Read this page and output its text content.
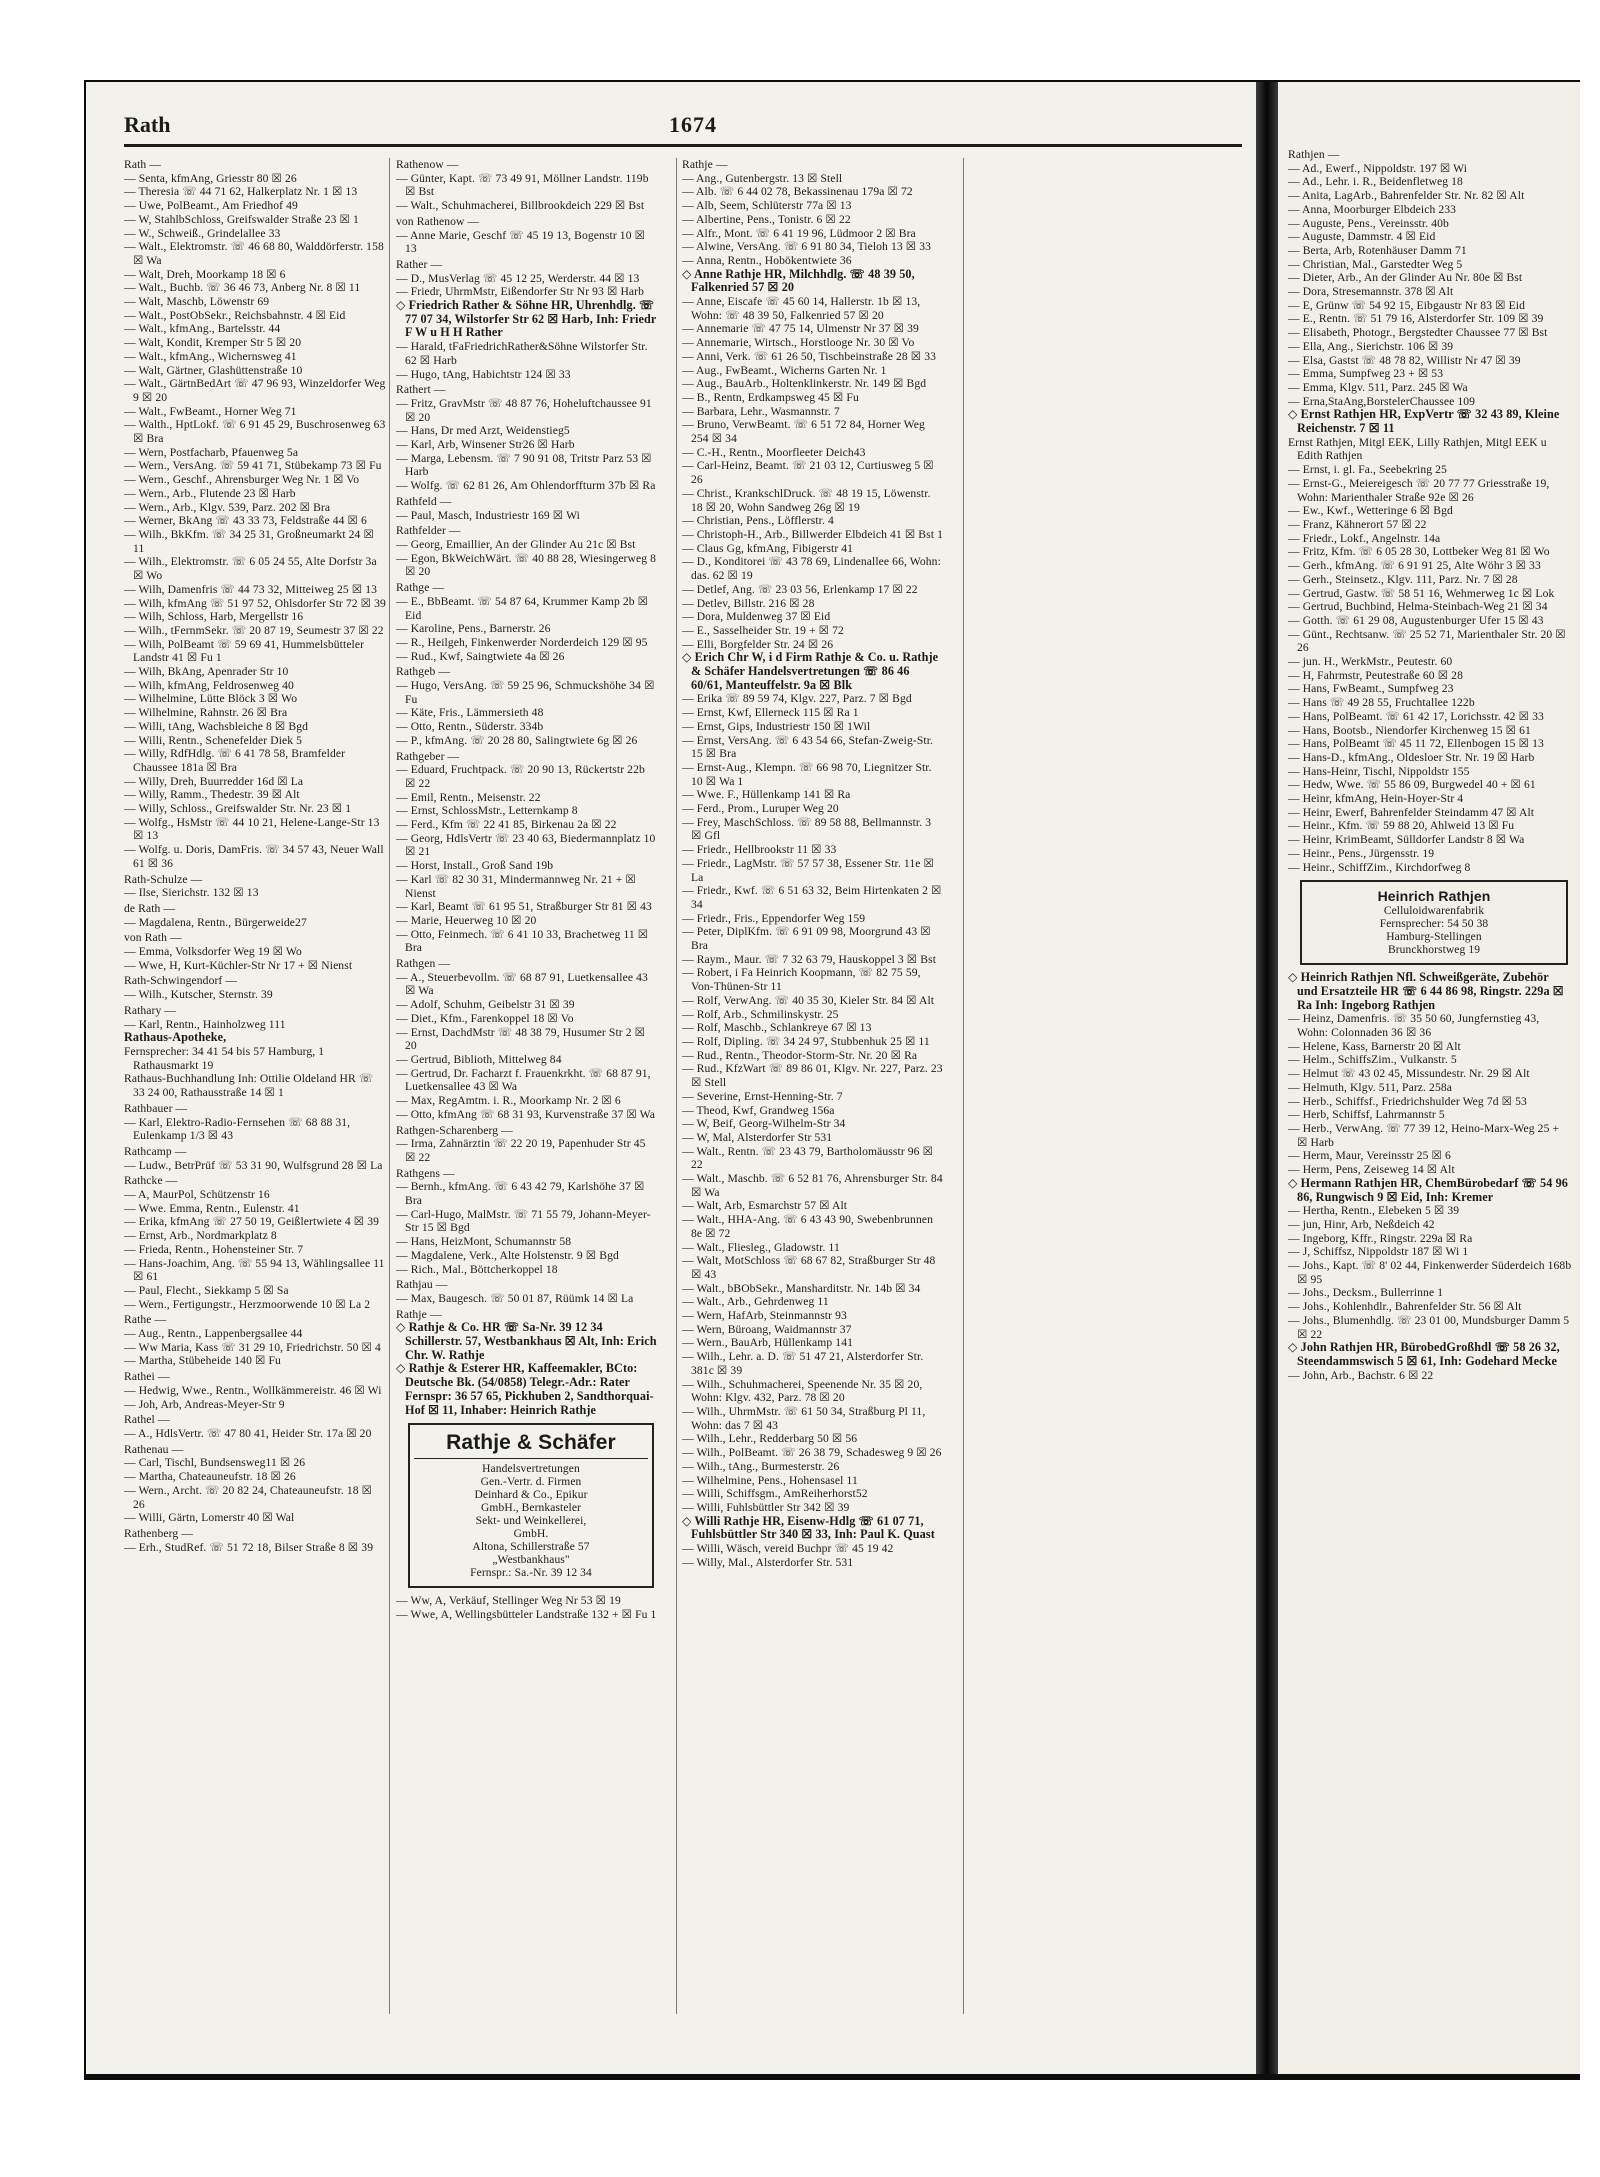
Rath	1674
Rath —
— Senta, kfmAng, Griesstr 80 ☒ 26
— Theresia ☏ 44 71 62, Halkerplatz Nr. 1 ☒ 13
— Uwe, PolBeamt., Am Friedhof 49
— W, StahlbSchloss, Greifswalder Straße 23 ☒ 1
— W., Schweiß., Grindelallee 33
— Walt., Elektromstr. ☏ 46 68 80, Walddörferstr. 158 ☒ Wa
— Walt, Dreh, Moorkamp 18 ☒ 6
— Walt., Buchb. ☏ 36 46 73, Anberg Nr. 8 ☒ 11
— Walt, Maschb, Löwenstr 69
— Walt., PostObSekr., Reichsbahnstr. 4 ☒ Eid
— Walt., kfmAng., Bartelsstr. 44
— Walt, Kondit, Kremper Str 5 ☒ 20
— Walt., kfmAng., Wichernsweg 41
— Walt, Gärtner, Glashüttenstraße 10
— Walt., GärtnBedArt ☏ 47 96 93, Winzeldorfer Weg 9 ☒ 20
— Walt., FwBeamt., Horner Weg 71
— Walth., HptLokf. ☏ 6 91 45 29, Buschrosenweg 63 ☒ Bra
— Wern, Postfacharb, Pfauenweg 5a
— Wern., VersAng. ☏ 59 41 71, Stübekamp 73 ☒ Fu
— Wern., Geschf., Ahrensburger Weg Nr. 1 ☒ Vo
— Wern., Arb., Flutende 23 ☒ Harb
— Wern., Arb., Klgv. 539, Parz. 202 ☒ Bra
— Werner, BkAng ☏ 43 33 73, Feldstraße 44 ☒ 6
— Wilh., BkKfm. ☏ 34 25 31, Großneumarkt 24 ☒ 11
— Wilh., Elektromstr. ☏ 6 05 24 55, Alte Dorfstr 3a ☒ Wo
— Wilh, Damenfris ☏ 44 73 32, Mitteiweg 25 ☒ 13
— Wilh, kfmAng ☏ 51 97 52, Ohlsdorfer Str 72 ☒ 39
— Wilh, Schloss, Harb, Mergellstr 16
— Wilh., tFernmSekr. ☏ 20 87 19, Seumestr 37 ☒ 22
— Wilh, PolBeamt ☏ 59 69 41, Hummelsbütteler Landstr 41 ☒ Fu 1
— Wilh, BkAng, Apenrader Str 10
— Wilh, kfmAng, Feldrosenweg 40
— Wilhelmine, Lütte Blöck 3 ☒ Wo
— Wilhelmine, Rahnstr. 26 ☒ Bra
— Willi, tAng, Wachsbleiche 8 ☒ Bgd
— Willi, Rentn., Schenefelder Diek 5
— Willy, RdfHdlg. ☏ 6 41 78 58, Bramfelder Chaussee 181a ☒ Bra
— Willy, Dreh, Buurredder 16d ☒ La
— Willy, Ramm., Thedestr. 39 ☒ Alt
— Willy, Schloss., Greifswalder Str. Nr. 23 ☒ 1
— Wolfg., HsMstr ☏ 44 10 21, Helene-Lange-Str 13 ☒ 13
— Wolfg. u. Doris, DamFris. ☏ 34 57 43, Neuer Wall 61 ☒ 36
Rath-Schulze —
— Ilse, Sierichstr. 132 ☒ 13
de Rath —
— Magdalena, Rentn., Bürgerweide27
von Rath —
— Emma, Volksdorfer Weg 19 ☒ Wo
— Wwe, H, Kurt-Küchler-Str Nr 17 + ☒ Nienst
Rath-Schwingendorf —
— Wilh., Kutscher, Sternstr. 39
Rathary —
— Karl, Rentn., Hainholzweg 111
Rathaus-Apotheke,
Fernsprecher: 34 41 54 bis 57 Hamburg, 1 Rathausmarkt 19
Rathaus-Buchhandlung Inh: Ottilie Oldeland HR ☏ 33 24 00, Rathausstraße 14 ☒ 1
Rathbauer —
— Karl, Elektro-Radio-Fernsehen ☏ 68 88 31, Eulenkamp 1/3 ☒ 43
Rathcamp —
— Ludw., BetrPrüf ☏ 53 31 90, Wulfsgrund 28 ☒ La
Rathcke —
— A, MaurPol, Schützenstr 16
— Wwe. Emma, Rentn., Eulenstr. 41
— Erika, kfmAng ☏ 27 50 19, Geißlertwiete 4 ☒ 39
— Ernst, Arb., Nordmarkplatz 8
— Frieda, Rentn., Hohensteiner Str. 7
— Hans-Joachim, Ang. ☏ 55 94 13, Wählingsallee 11 ☒ 61
— Paul, Flecht., Siekkamp 5 ☒ Sa
— Wern., Fertigungstr., Herzmoorwende 10 ☒ La 2
Rathe —
— Aug., Rentn., Lappenbergsallee 44
— Ww Maria, Kass ☏ 31 29 10, Friedrichstr. 50 ☒ 4
— Martha, Stübeheide 140 ☒ Fu
Rathei —
— Hedwig, Wwe., Rentn., Wollkämmereistr. 46 ☒ Wi
— Joh, Arb, Andreas-Meyer-Str 9
Rathel —
— A., HdlsVertr. ☏ 47 80 41, Heider Str. 17a ☒ 20
Rathenau —
— Carl, Tischl, Bundsensweg11 ☒ 26
— Martha, Chateauneufstr. 18 ☒ 26
— Wern., Archt. ☏ 20 82 24, Chateauneufstr. 18 ☒ 26
— Willi, Gärtn, Lomerstr 40 ☒ Wal
Rathenberg —
— Erh., StudRef. ☏ 51 72 18, Bilser Straße 8 ☒ 39
Rathenow —
— Günter, Kapt. ☏ 73 49 91, Möllner Landstr. 119b ☒ Bst
— Walt., Schuhmacherei, Billbrookdeich 229 ☒ Bst
von Rathenow —
— Anne Marie, Geschf ☏ 45 19 13, Bogenstr 10 ☒ 13
Rather —
— D., MusVerlag ☏ 45 12 25, Werderstr. 44 ☒ 13
— Friedr, UhrmMstr, Eißendorfer Str Nr 93 ☒ Harb
◇ Friedrich Rather & Söhne HR, Uhrenhdlg. ☏ 77 07 34, Wilstorfer Str 62 ☒ Harb, Inh: Friedr F W u H H Rather
— Harald, tFaFriedrichRather&Söhne Wilstorfer Str. 62 ☒ Harb
— Hugo, tAng, Habichtstr 124 ☒ 33
Rathert —
— Fritz, GravMstr ☏ 48 87 76, Hoheluftchaussee 91 ☒ 20
— Hans, Dr med Arzt, Weidenstieg5
— Karl, Arb, Winsener Str26 ☒ Harb
— Marga, Lebensm. ☏ 7 90 91 08, Tritstr Parz 53 ☒ Harb
— Wolfg. ☏ 62 81 26, Am Ohlendorffturm 37b ☒ Ra
Rathfeld —
— Paul, Masch, Industriestr 169 ☒ Wi
Rathfelder —
— Georg, Emaillier, An der Glinder Au 21c ☒ Bst
— Egon, BkWeichWärt. ☏ 40 88 28, Wiesingerweg 8 ☒ 20
Rathge —
— E., BbBeamt. ☏ 54 87 64, Krummer Kamp 2b ☒ Eid
— Karoline, Pens., Barnerstr. 26
— R., Heilgeh, Finkenwerder Norderdeich 129 ☒ 95
— Rud., Kwf, Saingtwiete 4a ☒ 26
Rathgeb —
— Hugo, VersAng. ☏ 59 25 96, Schmuckshöhe 34 ☒ Fu
— Käte, Fris., Lämmersieth 48
— Otto, Rentn., Süderstr. 334b
— P., kfmAng. ☏ 20 28 80, Salingtwiete 6g ☒ 26
Rathgeber —
— Eduard, Fruchtpack. ☏ 20 90 13, Rückertstr 22b ☒ 22
— Emil, Rentn., Meisenstr. 22
— Ernst, SchlossMstr., Letternkamp 8
— Ferd., Kfm ☏ 22 41 85, Birkenau 2a ☒ 22
— Georg, HdlsVertr ☏ 23 40 63, Biedermannplatz 10 ☒ 21
— Horst, Install., Groß Sand 19b
— Karl ☏ 82 30 31, Mindermannweg Nr. 21 + ☒ Nienst
— Karl, Beamt ☏ 61 95 51, Straßburger Str 81 ☒ 43
— Marie, Heuerweg 10 ☒ 20
— Otto, Feinmech. ☏ 6 41 10 33, Brachetweg 11 ☒ Bra
Rathgen —
— A., Steuerbevollm. ☏ 68 87 91, Luetkensallee 43 ☒ Wa
— Adolf, Schuhm, Geibelstr 31 ☒ 39
— Diet., Kfm., Farenkoppel 18 ☒ Vo
— Ernst, DachdMstr ☏ 48 38 79, Husumer Str 2 ☒ 20
— Gertrud, Biblioth, Mittelweg 84
— Gertrud, Dr. Facharzt f. Frauenkrkht. ☏ 68 87 91, Luetkensallee 43 ☒ Wa
— Max, RegAmtm. i. R., Moorkamp Nr. 2 ☒ 6
— Otto, kfmAng ☏ 68 31 93, Kurvenstraße 37 ☒ Wa
Rathgen-Scharenberg —
— Irma, Zahnärztin ☏ 22 20 19, Papenhuder Str 45 ☒ 22
Rathgens —
— Bernh., kfmAng. ☏ 6 43 42 79, Karlshöhe 37 ☒ Bra
— Carl-Hugo, MalMstr. ☏ 71 55 79, Johann-Meyer-Str 15 ☒ Bgd
— Hans, HeizMont, Schumannstr 58
— Magdalene, Verk., Alte Holstenstr. 9 ☒ Bgd
— Rich., Mal., Böttcherkoppel 18
Rathjau —
— Max, Baugesch. ☏ 50 01 87, Rüümk 14 ☒ La
Rathje —
◇ Rathje & Co. HR ☏ Sa-Nr. 39 12 34 Schillerstr. 57, Westbankhaus ☒ Alt, Inh: Erich Chr. W. Rathje
◇ Rathje & Esterer HR, Kaffeemakler, BCto: Deutsche Bk. (54/0858) Telegr.-Adr.: Rater Fernspr: 36 57 65, Pickhuben 2, Sandthorquai-Hof ☒ 11, Inhaber: Heinrich Rathje
Rathje & Schäfer
Handelsvertretungen
Gen.-Vertr. d. Firmen
Deinhard & Co., Epikur
GmbH., Bernkasteler
Sekt- und Weinkellerei,
GmbH.
Altona, Schillerstraße 57
„Westbankhaus"
Fernspr.: Sa.-Nr. 39 12 34
— Ww, A, Verkäuf, Stellinger Weg Nr 53 ☒ 19
— Wwe, A, Wellingsbütteler Landstraße 132 + ☒ Fu 1
Rathje —
— Ang., Gutenbergstr. 13 ☒ Stell
— Alb. ☏ 6 44 02 78, Bekassinenau 179a ☒ 72
— Alb, Seem, Schlüterstr 77a ☒ 13
— Albertine, Pens., Tonistr. 6 ☒ 22
— Alfr., Mont. ☏ 6 41 19 96, Lüdmoor 2 ☒ Bra
— Alwine, VersAng. ☏ 6 91 80 34, Tieloh 13 ☒ 33
— Anna, Rentn., Hobökentwiete 36
◇ Anne Rathje HR, Milchhdlg. ☏ 48 39 50, Falkenried 57 ☒ 20
— Anne, Eiscafe ☏ 45 60 14, Hallerstr. 1b ☒ 13, Wohn: ☏ 48 39 50, Falkenried 57 ☒ 20
— Annemarie ☏ 47 75 14, Ulmenstr Nr 37 ☒ 39
— Annemarie, Wirtsch., Horstlooge Nr. 30 ☒ Vo
— Anni, Verk. ☏ 61 26 50, Tischbeinstraße 28 ☒ 33
— Aug., FwBeamt., Wicherns Garten Nr. 1
— Aug., BauArb., Holtenklinkerstr. Nr. 149 ☒ Bgd
— B., Rentn, Erdkampsweg 45 ☒ Fu
— Barbara, Lehr., Wasmannstr. 7
— Bruno, VerwBeamt. ☏ 6 51 72 84, Horner Weg 254 ☒ 34
— C.-H., Rentn., Moorfleeter Deich43
— Carl-Heinz, Beamt. ☏ 21 03 12, Curtiusweg 5 ☒ 26
— Christ., KrankschlDruck. ☏ 48 19 15, Löwenstr. 18 ☒ 20, Wohn Sandweg 26g ☒ 19
— Christian, Pens., Löfflerstr. 4
— Christoph-H., Arb., Billwerder Elbdeich 41 ☒ Bst 1
— Claus Gg, kfmAng, Fibigerstr 41
— D., Konditorei ☏ 43 78 69, Lindenallee 66, Wohn: das. 62 ☒ 19
— Detlef, Ang. ☏ 23 03 56, Erlenkamp 17 ☒ 22
— Detlev, Billstr. 216 ☒ 28
— Dora, Muldenweg 37 ☒ Eid
— E., Sasselheider Str. 19 + ☒ 72
— Elli, Borgfelder Str. 24 ☒ 26
◇ Erich Chr W, i d Firm Rathje & Co. u. Rathje & Schäfer Handelsvertretungen ☏ 86 46 60/61, Manteuffelstr. 9a ☒ Blk
— Erika ☏ 89 59 74, Klgv. 227, Parz. 7 ☒ Bgd
— Ernst, Kwf, Ellerneck 115 ☒ Ra 1
— Ernst, Gips, Industriestr 150 ☒ 1Wil
— Ernst, VersAng. ☏ 6 43 54 66, Stefan-Zweig-Str. 15 ☒ Bra
— Ernst-Aug., Klempn. ☏ 66 98 70, Liegnitzer Str. 10 ☒ Wa 1
— Wwe. F., Hüllenkamp 141 ☒ Ra
— Ferd., Prom., Luruper Weg 20
— Frey, MaschSchloss. ☏ 89 58 88, Bellmannstr. 3 ☒ Gfl
— Friedr., Hellbrookstr 11 ☒ 33
— Friedr., LagMstr. ☏ 57 57 38, Essener Str. 11e ☒ La
— Friedr., Kwf. ☏ 6 51 63 32, Beim Hirtenkaten 2 ☒ 34
— Friedr., Fris., Eppendorfer Weg 159
— Peter, DiplKfm. ☏ 6 91 09 98, Moorgrund 43 ☒ Bra
— Raym., Maur. ☏ 7 32 63 79, Hauskoppel 3 ☒ Bst
— Robert, i Fa Heinrich Koopmann, ☏ 82 75 59, Von-Thünen-Str 11
— Rolf, VerwAng. ☏ 40 35 30, Kieler Str. 84 ☒ Alt
— Rolf, Arb., Schmilinskystr. 25
— Rolf, Maschb., Schlankreye 67 ☒ 13
— Rolf, Dipling. ☏ 34 24 97, Stubbenhuk 25 ☒ 11
— Rud., Rentn., Theodor-Storm-Str. Nr. 20 ☒ Ra
— Rud., KfzWart ☏ 89 86 01, Klgv. Nr. 227, Parz. 23 ☒ Stell
— Severine, Ernst-Henning-Str. 7
— Theod, Kwf, Grandweg 156a
— W, Beif, Georg-Wilhelm-Str 34
— W, Mal, Alsterdorfer Str 531
— Walt., Rentn. ☏ 23 43 79, Bartholomäusstr 96 ☒ 22
— Walt., Maschb. ☏ 6 52 81 76, Ahrensburger Str. 84 ☒ Wa
— Walt, Arb, Esmarchstr 57 ☒ Alt
— Walt., HHA-Ang. ☏ 6 43 43 90, Swebenbrunnen 8e ☒ 72
— Walt., Fliesleg., Gladowstr. 11
— Walt, MotSchloss ☏ 68 67 82, Straßburger Str 48 ☒ 43
— Walt., bBObSekr., Mansharditstr. Nr. 14b ☒ 34
— Walt., Arb., Gehrdenweg 11
— Wern, HafArb, Steinmannstr 93
— Wern, Büroang, Waidmannstr 37
— Wern., BauArb, Hüllenkamp 141
— Wilh., Lehr. a. D. ☏ 51 47 21, Alsterdorfer Str. 381c ☒ 39
— Wilh., Schuhmacherei, Speenende Nr. 35 ☒ 20, Wohn: Klgv. 432, Parz. 78 ☒ 20
— Wilh., UhrmMstr. ☏ 61 50 34, Straßburg Pl 11, Wohn: das 7 ☒ 43
— Wilh., Lehr., Redderbarg 50 ☒ 56
— Wilh., PolBeamt. ☏ 26 38 79, Schadesweg 9 ☒ 26
— Wilh., tAng., Burmesterstr. 26
— Wilhelmine, Pens., Hohensasel 11
— Willi, Schiffsgm., AmReiherhorst52
— Willi, Fuhlsbüttler Str 342 ☒ 39
◇ Willi Rathje HR, Eisenw-Hdlg ☏ 61 07 71, Fuhlsbüttler Str 340 ☒ 33, Inh: Paul K. Quast
— Willi, Wäsch, vereid Buchpr ☏ 45 19 42
— Willy, Mal., Alsterdorfer Str. 531
Rathjen —
— Ad., Ewerf., Nippoldstr. 197 ☒ Wi
— Ad., Lehr. i. R., Beidenfletweg 18
— Anita, LagArb., Bahrenfelder Str. Nr. 82 ☒ Alt
— Anna, Moorburger Elbdeich 233
— Auguste, Pens., Vereinsstr. 40b
— Auguste, Dammstr. 4 ☒ Eid
— Berta, Arb, Rotenhäuser Damm 71
— Christian, Mal., Garstedter Weg 5
— Dieter, Arb., An der Glinder Au Nr. 80e ☒ Bst
— Dora, Stresemannstr. 378 ☒ Alt
— E, Grünw ☏ 54 92 15, Eibgaustr Nr 83 ☒ Eid
— E., Rentn. ☏ 51 79 16, Alsterdorfer Str. 109 ☒ 39
— Elisabeth, Photogr., Bergstedter Chaussee 77 ☒ Bst
— Ella, Ang., Sierichstr. 106 ☒ 39
— Elsa, Gastst ☏ 48 78 82, Willistr Nr 47 ☒ 39
— Emma, Sumpfweg 23 + ☒ 53
— Emma, Klgv. 511, Parz. 245 ☒ Wa
— Erna,StaAng,BorstelerChaussee 109
◇ Ernst Rathjen HR, ExpVertr ☏ 32 43 89, Kleine Reichenstr. 7 ☒ 11
Ernst Rathjen, Mitgl EEK, Lilly Rathjen, Mitgl EEK u Edith Rathjen
— Ernst, i. gl. Fa., Seebekring 25
— Ernst-G., Meiereigesch ☏ 20 77 77 Griesstraße 19, Wohn: Marienthaler Straße 92e ☒ 26
— Ew., Kwf., Wetteringe 6 ☒ Bgd
— Franz, Kähnerort 57 ☒ 22
— Friedr., Lokf., Angelnstr. 14a
— Fritz, Kfm. ☏ 6 05 28 30, Lottbeker Weg 81 ☒ Wo
— Gerh., kfmAng. ☏ 6 91 91 25, Alte Wöhr 3 ☒ 33
— Gerh., Steinsetz., Klgv. 111, Parz. Nr. 7 ☒ 28
— Gertrud, Gastw. ☏ 58 51 16, Wehmerweg 1c ☒ Lok
— Gertrud, Buchbind, Helma-Steinbach-Weg 21 ☒ 34
— Gotth. ☏ 61 29 08, Augustenburger Ufer 15 ☒ 43
— Günt., Rechtsanw. ☏ 25 52 71, Marienthaler Str. 20 ☒ 26
— jun. H., WerkMstr., Peutestr. 60
— H, Fahrmstr, Peutestraße 60 ☒ 28
— Hans, FwBeamt., Sumpfweg 23
— Hans ☏ 49 28 55, Fruchtallee 122b
— Hans, PolBeamt. ☏ 61 42 17, Lorichsstr. 42 ☒ 33
— Hans, Bootsb., Niendorfer Kirchenweg 15 ☒ 61
— Hans, PolBeamt ☏ 45 11 72, Ellenbogen 15 ☒ 13
— Hans-D., kfmAng., Oldesloer Str. Nr. 19 ☒ Harb
— Hans-Heinr, Tischl, Nippoldstr 155
— Hedw, Wwe. ☏ 55 86 09, Burgwedel 40 + ☒ 61
— Heinr, kfmAng, Hein-Hoyer-Str 4
— Heinr, Ewerf, Bahrenfelder Steindamm 47 ☒ Alt
— Heinr., Kfm. ☏ 59 88 20, Ahlweid 13 ☒ Fu
— Heinr, KrimBeamt, Sülldorfer Landstr 8 ☒ Wa
— Heinr., Pens., Jürgensstr. 19
— Heinr., SchiffZim., Kirchdorfweg 8
Heinrich Rathjen
Celluloidwarenfabrik
Fernsprecher: 54 50 38
Hamburg-Stellingen
Brunckhorstweg 19
◇ Heinrich Rathjen Nfl. Schweißgeräte, Zubehör und Ersatzteile HR ☏ 6 44 86 98, Ringstr. 229a ☒ Ra Inh: Ingeborg Rathjen
— Heinz, Damenfris. ☏ 35 50 60, Jungfernstieg 43, Wohn: Colonnaden 36 ☒ 36
— Helene, Kass, Barnerstr 20 ☒ Alt
— Helm., SchiffsZim., Vulkanstr. 5
— Helmut ☏ 43 02 45, Missundestr. Nr. 29 ☒ Alt
— Helmuth, Klgv. 511, Parz. 258a
— Herb., Schiffsf., Friedrichshulder Weg 7d ☒ 53
— Herb, Schiffsf, Lahrmannstr 5
— Herb., VerwAng. ☏ 77 39 12, Heino-Marx-Weg 25 + ☒ Harb
— Herm, Maur, Vereinsstr 25 ☒ 6
— Herm, Pens, Zeiseweg 14 ☒ Alt
◇ Hermann Rathjen HR, ChemBürobedarf ☏ 54 96 86, Rungwisch 9 ☒ Eid, Inh: Kremer
— Hertha, Rentn., Elebeken 5 ☒ 39
— jun, Hinr, Arb, Neßdeich 42
— Ingeborg, Kffr., Ringstr. 229a ☒ Ra
— J, Schiffsz, Nippoldstr 187 ☒ Wi 1
— Johs., Kapt. ☏ 8' 02 44, Finkenwerder Süderdeich 168b ☒ 95
— Johs., Decksm., Bullerrinne 1
— Johs., Kohlenhdlr., Bahrenfelder Str. 56 ☒ Alt
— Johs., Blumenhdlg. ☏ 23 01 00, Mundsburger Damm 5 ☒ 22
◇ John Rathjen HR, BürobedGroßhdl ☏ 58 26 32, Steendammswisch 5 ☒ 61, Inh: Godehard Mecke
— John, Arb., Bachstr. 6 ☒ 22
